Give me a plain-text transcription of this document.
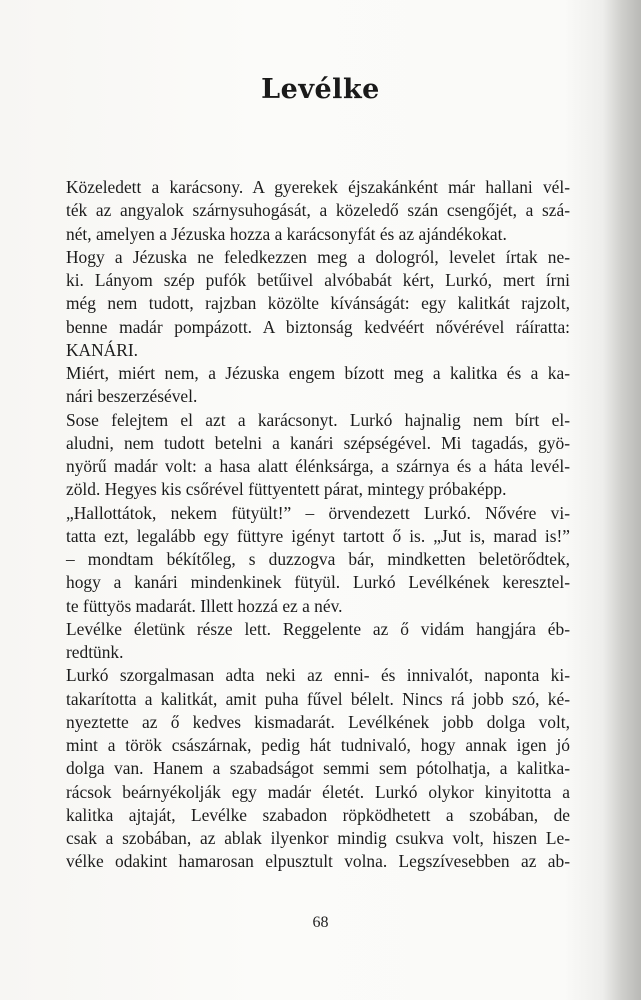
Levélke
Közeledett a karácsony. A gyerekek éjszakánként már hallani vél-
ték az angyalok szárnysuhogását, a közeledő szán csengőjét, a szá-
nét, amelyen a Jézuska hozza a karácsonyfát és az ajándékokat.
Hogy a Jézuska ne feledkezzen meg a dologról, levelet írtak ne-
ki. Lányom szép pufók betűivel alvóbabát kért, Lurkó, mert írni
még nem tudott, rajzban közölte kívánságát: egy kalitkát rajzolt,
benne madár pompázott. A biztonság kedvéért nővérével ráíratta:
KANÁRI.
Miért, miért nem, a Jézuska engem bízott meg a kalitka és a ka-
nári beszerzésével.
Sose felejtem el azt a karácsonyt. Lurkó hajnalig nem bírt el-
aludni, nem tudott betelni a kanári szépségével. Mi tagadás, gyö-
nyörű madár volt: a hasa alatt élénksárga, a szárnya és a háta levél-
zöld. Hegyes kis csőrével füttyentett párat, mintegy próbaképp.
„Hallottátok, nekem fütyült!” – örvendezett Lurkó. Nővére vi-
tatta ezt, legalább egy füttyre igényt tartott ő is. „Jut is, marad is!”
– mondtam békítőleg, s duzzogva bár, mindketten beletörődtek,
hogy a kanári mindenkinek fütyül. Lurkó Levélkének keresztel-
te füttyös madarát. Illett hozzá ez a név.
Levélke életünk része lett. Reggelente az ő vidám hangjára éb-
redtünk.
Lurkó szorgalmasan adta neki az enni- és innivalót, naponta ki-
takarította a kalitkát, amit puha fűvel bélelt. Nincs rá jobb szó, ké-
nyeztette az ő kedves kismadarát. Levélkének jobb dolga volt,
mint a török császárnak, pedig hát tudnivaló, hogy annak igen jó
dolga van. Hanem a szabadságot semmi sem pótolhatja, a kalitka-
rácsok beárnyékolják egy madár életét. Lurkó olykor kinyitotta a
kalitka ajtaját, Levélke szabadon röpködhetett a szobában, de
csak a szobában, az ablak ilyenkor mindig csukva volt, hiszen Le-
vélke odakint hamarosan elpusztult volna. Legszívesebben az ab-
68
